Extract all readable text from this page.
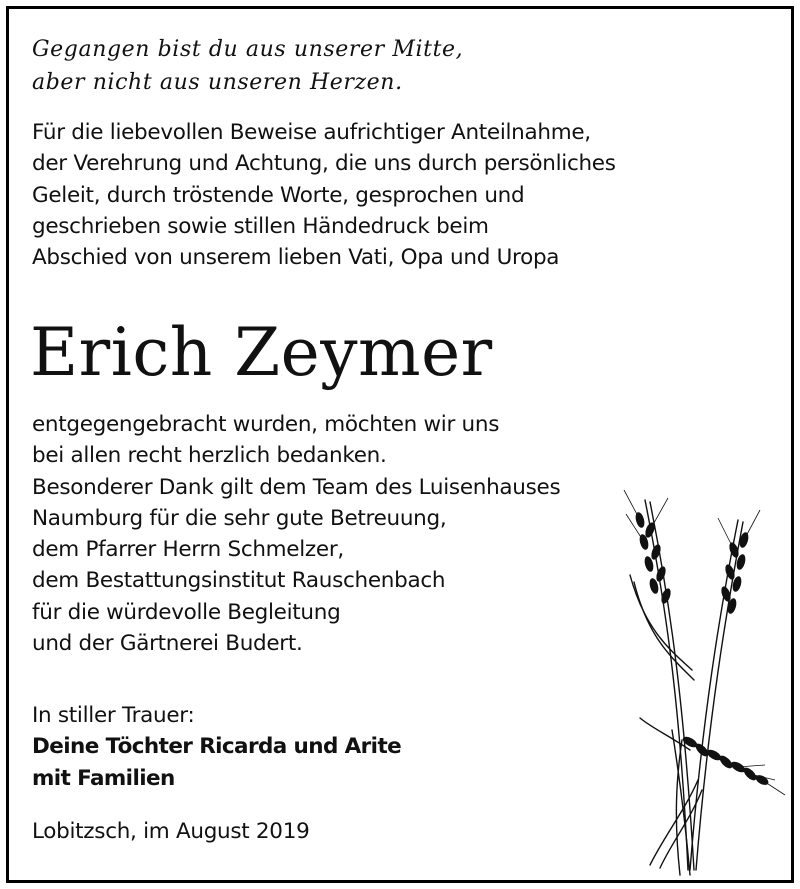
Gegangen bist du aus unserer Mitte,
aber nicht aus unseren Herzen.
Für die liebevollen Beweise aufrichtiger Anteilnahme,
der Verehrung und Achtung, die uns durch persönliches
Geleit, durch tröstende Worte, gesprochen und
geschrieben sowie stillen Händedruck beim
Abschied von unserem lieben Vati, Opa und Uropa
Erich Zeymer
entgegengebracht wurden, möchten wir uns
bei allen recht herzlich bedanken.
Besonderer Dank gilt dem Team des Luisenhauses
Naumburg für die sehr gute Betreuung,
dem Pfarrer Herrn Schmelzer,
dem Bestattungsinstitut Rauschenbach
für die würdevolle Begleitung
und der Gärtnerei Budert.
In stiller Trauer:
Deine Töchter Ricarda und Arite
mit Familien
Lobitzsch, im August 2019
